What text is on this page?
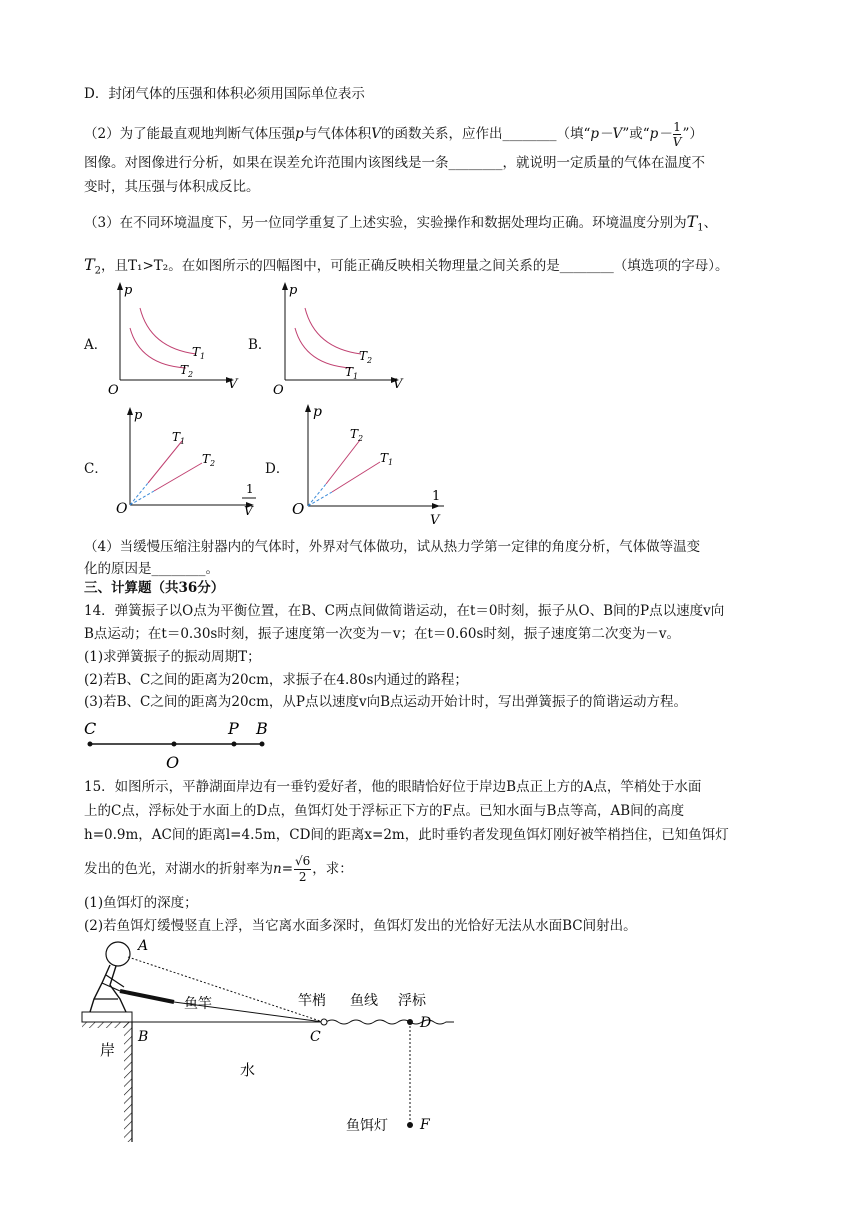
D．封闭气体的压强和体积必须用国际单位表示
（2）为了能最直观地判断气体压强p与气体体积V的函数关系，应作出________（填“p－V”或“$p- \frac{1}{V}$ ”）
图像。对图像进行分析，如果在误差允许范围内该图线是一条________，就说明一定质量的气体在温度不
变时，其压强与体积成反比。
（3）在不同环境温度下，另一位同学重复了上述实验，实验操作和数据处理均正确。环境温度分别为$T_1$、
$T_2$，且T₁>T₂。在如图所示的四幅图中，可能正确反映相关物理量之间关系的是________（填选项的字母）。
A．	B．
C．	D．
p
V
O
$T_1$
$T_2$
p
V
O
$T_2$
$T_1$
p
O
$T_1$
$T_2$
1
V
p
O
$T_2$
$T_1$
1
V
（4）当缓慢压缩注射器内的气体时，外界对气体做功，试从热力学第一定律的角度分析，气体做等温变
化的原因是________。
三、计算题（共36分）
14．弹簧振子以O点为平衡位置，在B、C两点间做简谐运动，在t＝0时刻，振子从O、B间的P点以速度v向
B点运动；在t＝0.30s时刻，振子速度第一次变为－v；在t＝0.60s时刻，振子速度第二次变为－v。
(1)求弹簧振子的振动周期T；
(2)若B、C之间的距离为20cm，求振子在4.80s内通过的路程；
(3)若B、C之间的距离为20cm，从P点以速度v向B点运动开始计时，写出弹簧振子的简谐运动方程。
C
O
P B
15．如图所示，平静湖面岸边有一垂钓爱好者，他的眼睛恰好位于岸边B点正上方的A点，竿梢处于水面
上的C点，浮标处于水面上的D点，鱼饵灯处于浮标正下方的F点。已知水面与B点等高，AB间的高度
h=0.9m，AC间的距离l=4.5m，CD间的距离x=2m，此时垂钓者发现鱼饵灯刚好被竿梢挡住，已知鱼饵灯
发出的色光，对湖水的折射率为$n= \frac{√6}{2}$ ，求：
(1)鱼饵灯的深度；
(2)若鱼饵灯缓慢竖直上浮，当它离水面多深时，鱼饵灯发出的光恰好无法从水面BC间射出。
A
鱼竿	竿梢 鱼线 浮标
D
岸
B	C
水
鱼饵灯 F
